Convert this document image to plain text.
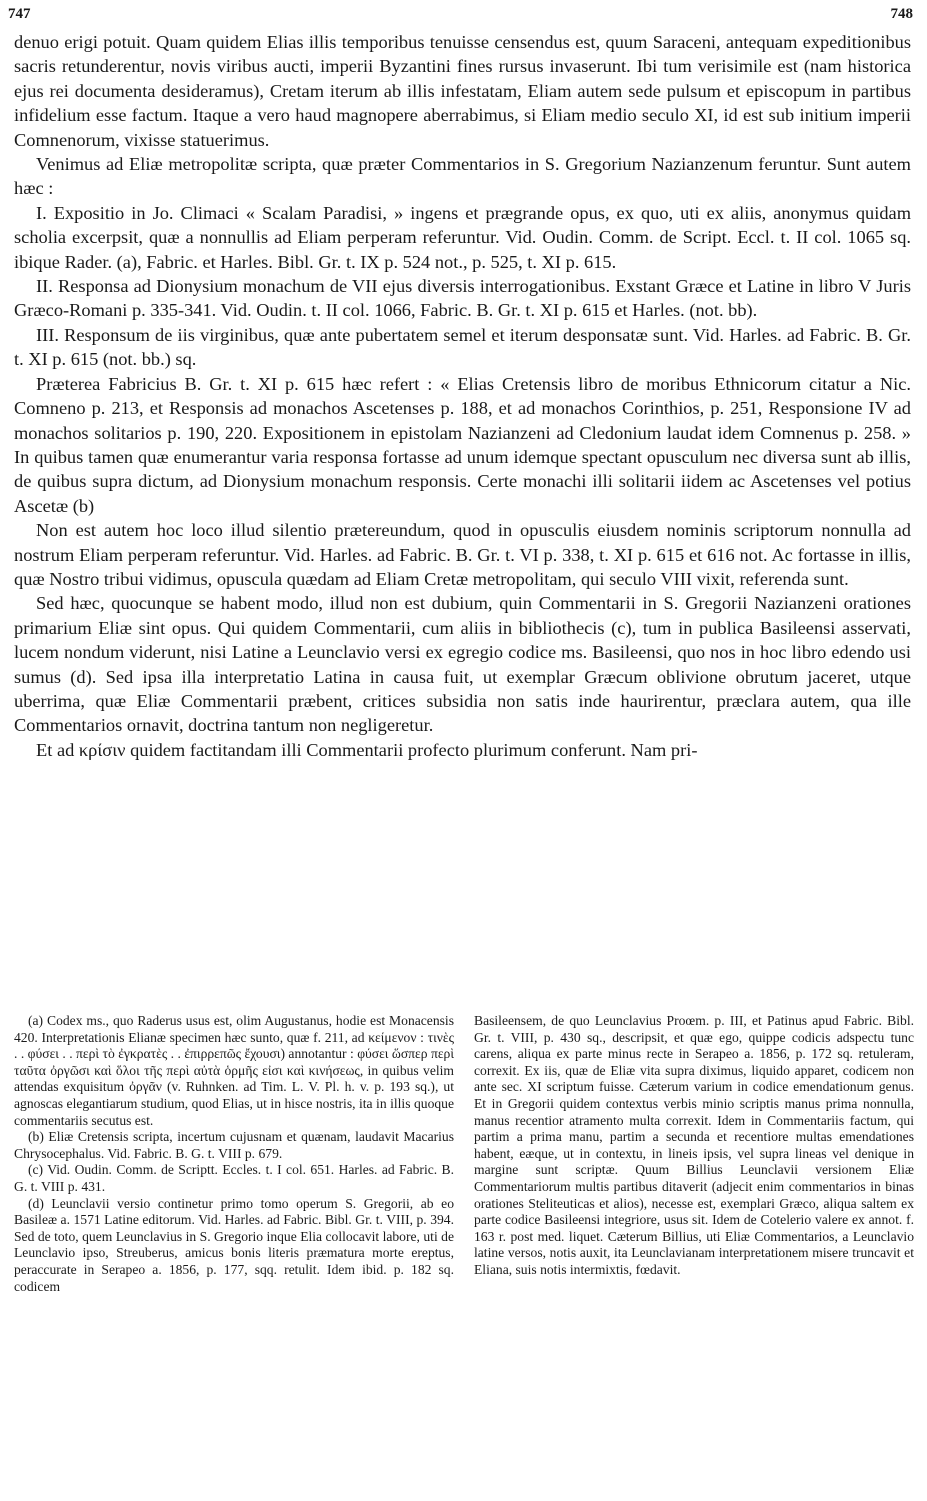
747	748

denuo erigi potuit. Quam quidem Elias illis temporibus tenuisse censendus est, quum Saraceni, antequam expeditionibus sacris retunderentur, novis viribus aucti, imperii Byzantini fines rursus invaserunt. Ibi tum verisimile est (nam historica ejus rei documenta desideramus), Cretam iterum ab illis infestatam, Eliam autem sede pulsum et episcopum in partibus infidelium esse factum. Itaque a vero haud magnopere aberrabimus, si Eliam medio seculo XI, id est sub initium imperii Comnenorum, vixisse statuerimus.

Venimus ad Eliæ metropolitæ scripta, quæ præter Commentarios in S. Gregorium Nazianzenum feruntur. Sunt autem hæc :

I. Expositio in Jo. Climaci « Scalam Paradisi, » ingens et prægrande opus, ex quo, uti ex aliis, anonymus quidam scholia excerpsit, quæ a nonnullis ad Eliam perperam referuntur. Vid. Oudin. Comm. de Script. Eccl. t. II col. 1065 sq. ibique Rader. (a), Fabric. et Harles. Bibl. Gr. t. IX p. 524 not., p. 525, t. XI p. 615.

II. Responsa ad Dionysium monachum de VII ejus diversis interrogationibus. Exstant Græce et Latine in libro V Juris Græco-Romani p. 335-341. Vid. Oudin. t. II col. 1066, Fabric. B. Gr. t. XI p. 615 et Harles. (not. bb).

III. Responsum de iis virginibus, quæ ante pubertatem semel et iterum desponsatæ sunt. Vid. Harles. ad Fabric. B. Gr. t. XI p. 615 (not. bb.) sq.

Præterea Fabricius B. Gr. t. XI p. 615 hæc refert : « Elias Cretensis libro de moribus Ethnicorum citatur a Nic. Comneno p. 213, et Responsis ad monachos Ascetenses p. 188, et ad monachos Corinthios, p. 251, Responsione IV ad monachos solitarios p. 190, 220. Expositionem in epistolam Nazianzeni ad Cledonium laudat idem Comnenus p. 258. » In quibus tamen quæ enumerantur varia responsa fortasse ad unum idemque spectant opusculum nec diversa sunt ab illis, de quibus supra dictum, ad Dionysium monachum responsis. Certe monachi illi solitarii iidem ac Ascetenses vel potius Ascetæ (b)

Non est autem hoc loco illud silentio prætereundum, quod in opusculis eiusdem nominis scriptorum nonnulla ad nostrum Eliam perperam referuntur. Vid. Harles. ad Fabric. B. Gr. t. VI p. 338, t. XI p. 615 et 616 not. Ac fortasse in illis, quæ Nostro tribui vidimus, opuscula quædam ad Eliam Cretæ metropolitam, qui seculo VIII vixit, referenda sunt.

Sed hæc, quocunque se habent modo, illud non est dubium, quin Commentarii in S. Gregorii Nazianzeni orationes primarium Eliæ sint opus. Qui quidem Commentarii, cum aliis in bibliothecis (c), tum in publica Basileensi asservati, lucem nondum viderunt, nisi Latine a Leunclavio versi ex egregio codice ms. Basileensi, quo nos in hoc libro edendo usi sumus (d). Sed ipsa illa interpretatio Latina in causa fuit, ut exemplar Græcum oblivione obrutum jaceret, utque uberrima, quæ Eliæ Commentarii præbent, critices subsidia non satis inde haurirentur, præclara autem, qua ille Commentarios ornavit, doctrina tantum non negligeretur.

Et ad κρίσιν quidem factitandam illi Commentarii profecto plurimum conferunt. Nam pri-

(a) Codex ms., quo Raderus usus est, olim Augustanus, hodie est Monacensis 420. Interpretationis Elianæ specimen hæc sunto, quæ f. 211, ad κείμενον : τινὲς . . φύσει . . περὶ τὸ ἐγκρατὲς . . ἐπιρρεπῶς ἔχουσι) annotantur : φύσει ὥσπερ περὶ ταῦτα ὀργῶσι καὶ ὅλοι τῆς περὶ αὐτὰ ὁρμῆς εἰσι καὶ κινήσεως, in quibus velim attendas exquisitum ὀργᾶν (v. Ruhnken. ad Tim. L. V. Pl. h. v. p. 193 sq.), ut agnoscas elegantiarum studium, quod Elias, ut in hisce nostris, ita in illis quoque commentariis secutus est.

(b) Eliæ Cretensis scripta, incertum cujusnam et quænam, laudavit Macarius Chrysocephalus. Vid. Fabric. B. G. t. VIII p. 679.

(c) Vid. Oudin. Comm. de Scriptt. Eccles. t. I col. 651. Harles. ad Fabric. B. G. t. VIII p. 431.

(d) Leunclavii versio continetur primo tomo operum S. Gregorii, ab eo Basileæ a. 1571 Latine editorum. Vid. Harles. ad Fabric. Bibl. Gr. t. VIII, p. 394. Sed de toto, quem Leunclavius in S. Gregorio inque Elia collocavit labore, uti de Leunclavio ipso, Streuberus, amicus bonis literis præmatura morte ereptus, peraccurate in Serapeo a. 1856, p. 177, sqq. retulit. Idem ibid. p. 182 sq. codicem

Basileensem, de quo Leunclavius Proœm. p. III, et Patinus apud Fabric. Bibl. Gr. t. VIII, p. 430 sq., descripsit, et quæ ego, quippe codicis adspectu tunc carens, aliqua ex parte minus recte in Serapeo a. 1856, p. 172 sq. retuleram, correxit. Ex iis, quæ de Eliæ vita supra diximus, liquido apparet, codicem non ante sec. XI scriptum fuisse. Cæterum varium in codice emendationum genus. Et in Gregorii quidem contextus verbis minio scriptis manus prima nonnulla, manus recentior atramento multa correxit. Idem in Commentariis factum, qui partim a prima manu, partim a secunda et recentiore multas emendationes habent, eæque, ut in contextu, in lineis ipsis, vel supra lineas vel denique in margine sunt scriptæ. Quum Billius Leunclavii versionem Eliæ Commentariorum multis partibus ditaverit (adjecit enim commentarios in binas orationes Steliteuticas et alios), necesse est, exemplari Græco, aliqua saltem ex parte codice Basileensi integriore, usus sit. Idem de Cotelerio valere ex annot. f. 163 r. post med. liquet. Cæterum Billius, uti Eliæ Commentarios, a Leunclavio latine versos, notis auxit, ita Leunclavianam interpretationem misere truncavit et Eliana, suis notis intermixtis, fœdavit.
